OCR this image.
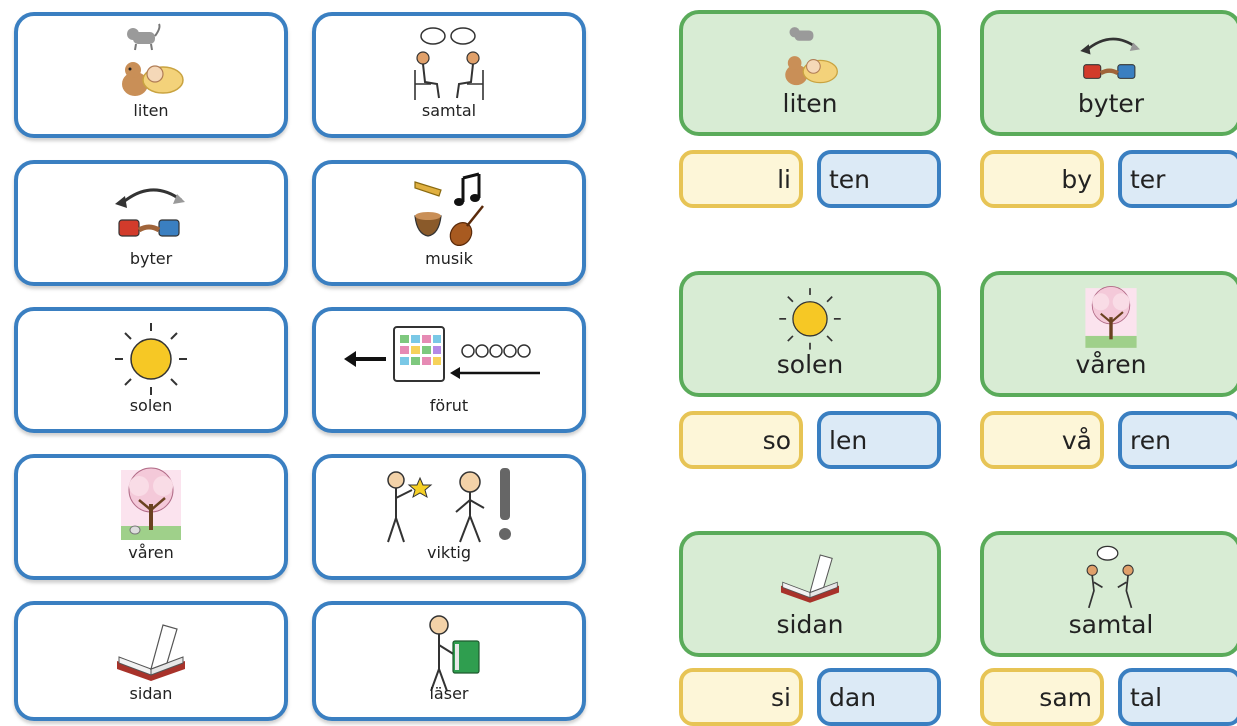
liten	samtal
byter	musik
solen	förut
våren	viktig
sidan	läser
liten
li	ten
byter
by	ter
solen
so	len
våren
vå	ren
sidan
si	dan
samtal
sam	tal
